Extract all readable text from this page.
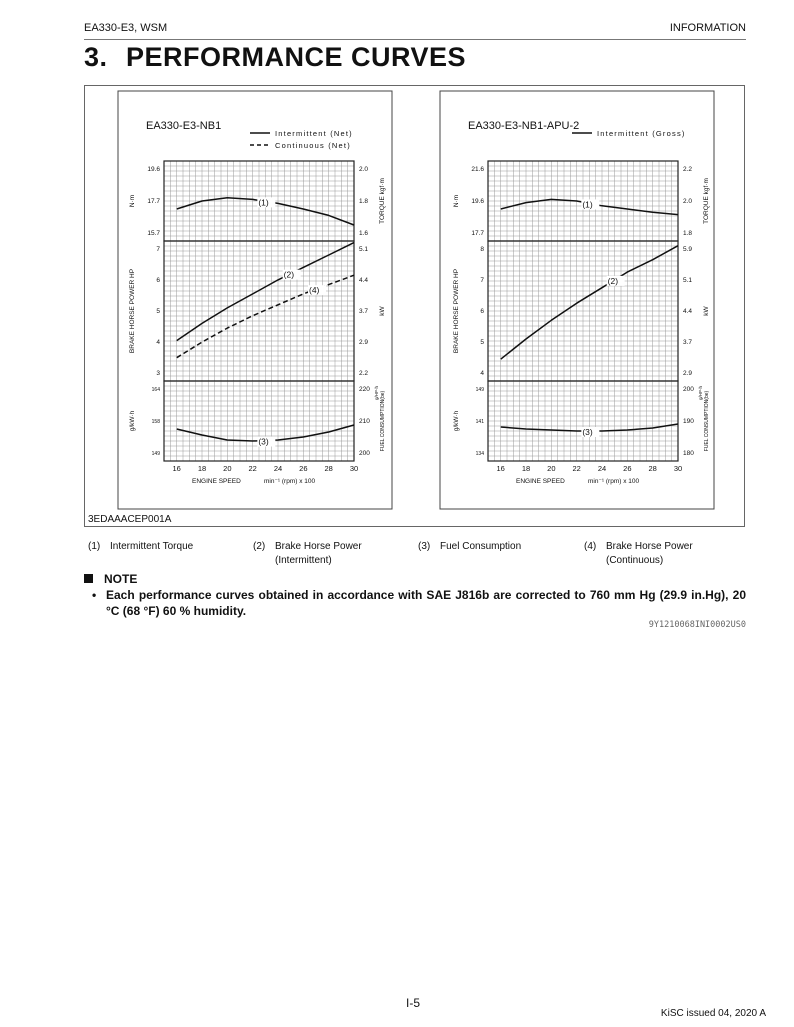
EA330-E3, WSM	INFORMATION
3. PERFORMANCE CURVES
EA330-E3-NB1
Intermittent (Net)
Continuous (Net)
19.6
17.7
15.7
2.0
1.8
1.6
N·m	TORQUE kgf·m
(1)
7
6
5
4
3
5.1
4.4
3.7
2.9
2.2
BRAKE HORSE POWER HP	kW
(2)
(4)
164
158
149
220
210
200
g/kW·h	FUEL CONSUMPTION(be)
g/HP·h
(3)
16 18 20 22 24 26 28 30
ENGINE SPEED	min⁻¹ (rpm) x 100
EA330-E3-NB1-APU-2
Intermittent (Gross)
21.6
19.6
17.7
2.2
2.0
1.8
N·m	TORQUE kgf·m
(1)
8
7
6
5
4
5.9
5.1
4.4
3.7
2.9
BRAKE HORSE POWER HP	kW
(2)
149
141
134
200
190
180
g/kW·h	FUEL CONSUMPTION(be)
g/HP·h
(3)
16 18 20 22 24 26 28 30
ENGINE SPEED	min⁻¹ (rpm) x 100
3EDAAACEP001A
(1) Intermittent Torque	(2) Brake Horse Power
(Intermittent)
(3) Fuel Consumption	(4) Brake Horse Power
(Continuous)
NOTE
• Each performance curves obtained in accordance with SAE J816b are corrected to 760 mm Hg (29.9 in.Hg), 20 °C (68 °F) 60 % humidity.
9Y1210068INI0002US0
I-5
KiSC issued 04, 2020 A
